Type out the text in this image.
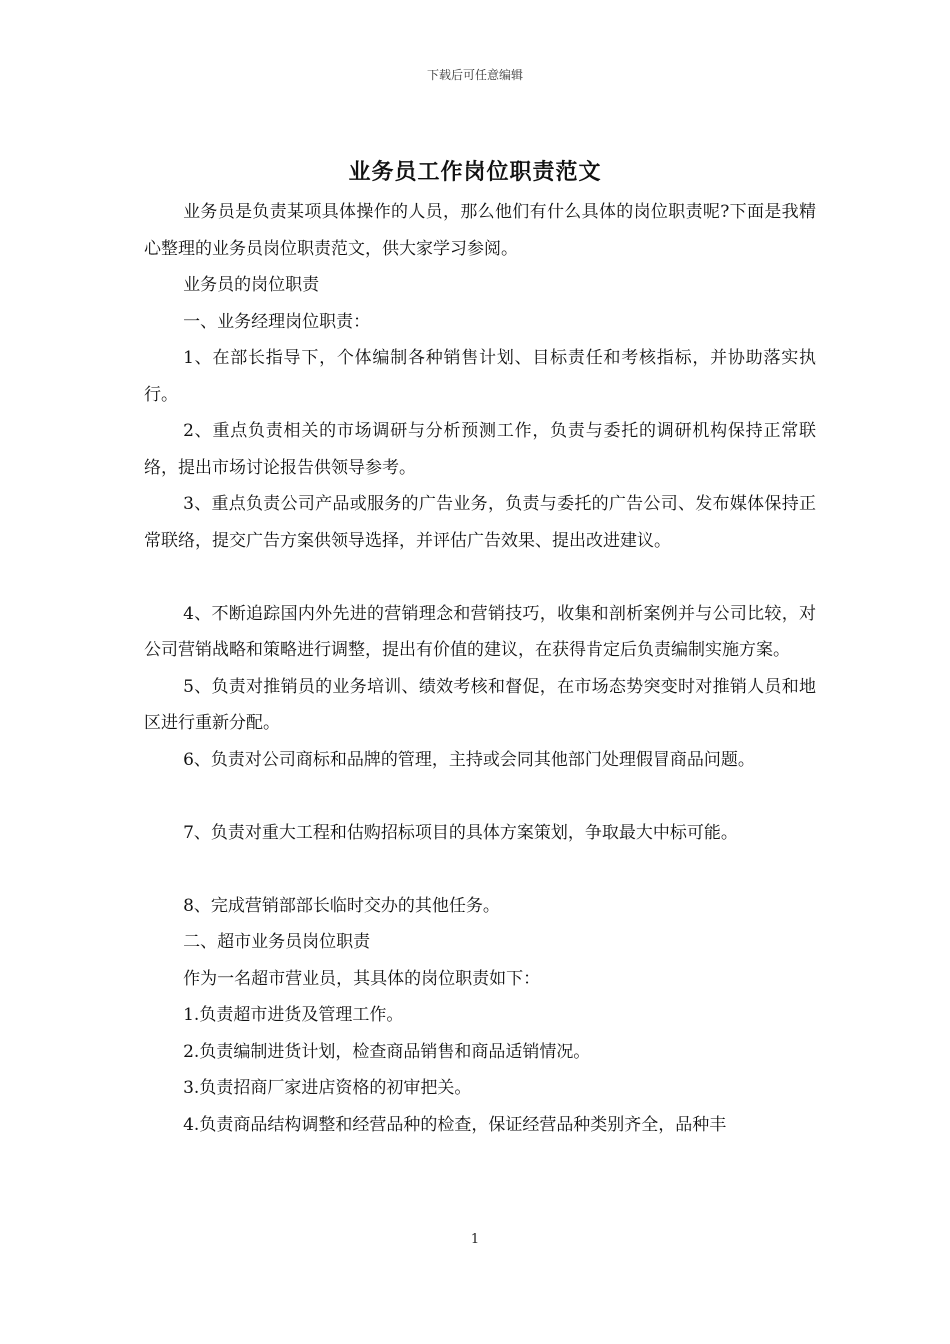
下载后可任意编辑
业务员工作岗位职责范文

业务员是负责某项具体操作的人员，那么他们有什么具体的岗位职责呢?下面是我精心整理的业务员岗位职责范文，供大家学习参阅。

业务员的岗位职责

一、业务经理岗位职责：

1、在部长指导下，个体编制各种销售计划、目标责任和考核指标，并协助落实执行。

2、重点负责相关的市场调研与分析预测工作，负责与委托的调研机构保持正常联络，提出市场讨论报告供领导参考。

3、重点负责公司产品或服务的广告业务，负责与委托的广告公司、发布媒体保持正常联络，提交广告方案供领导选择，并评估广告效果、提出改进建议。

4、不断追踪国内外先进的营销理念和营销技巧，收集和剖析案例并与公司比较，对公司营销战略和策略进行调整，提出有价值的建议，在获得肯定后负责编制实施方案。

5、负责对推销员的业务培训、绩效考核和督促，在市场态势突变时对推销人员和地区进行重新分配。

6、负责对公司商标和品牌的管理，主持或会同其他部门处理假冒商品问题。

7、负责对重大工程和估购招标项目的具体方案策划，争取最大中标可能。

8、完成营销部部长临时交办的其他任务。

二、超市业务员岗位职责

作为一名超市营业员，其具体的岗位职责如下：

1.负责超市进货及管理工作。

2.负责编制进货计划，检查商品销售和商品适销情况。

3.负责招商厂家进店资格的初审把关。

4.负责商品结构调整和经营品种的检查，保证经营品种类别齐全，品种丰

1
